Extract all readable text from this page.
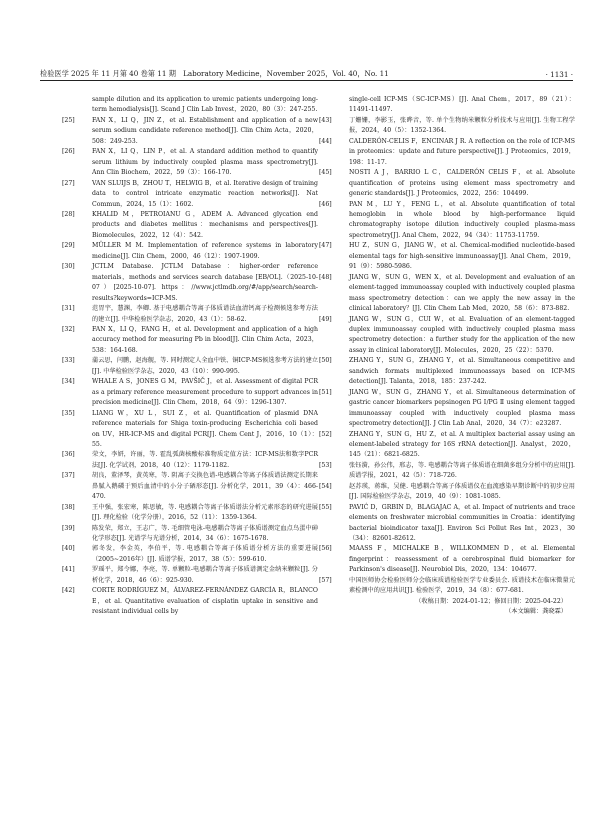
检验医学 2025 年 11 月第 40 卷第 11 期　Laboratory Medicine，November 2025，Vol. 40，No. 11	· 1131 ·
sample dilution and its application to uremic patients undergoing long-term hemodialysis[J]. Scand J Clin Lab Invest，2020，80（3）：247-255.
[25]	FAN X，LI Q，JIN Z，et al. Establishment and application of a new serum sodium candidate reference method[J]. Clin Chim Acta，2020，508：249-253.
[26]	FAN X，LI Q，LIN P，et al. A standard addition method to quantify serum lithium by inductively coupled plasma mass spectrometry[J]. Ann Clin Biochem，2022，59（3）：166-170.
[27]	VAN SLUIJS B，ZHOU T，HELWIG B，et al. Iterative design of training data to control intricate enzymatic reaction networks[J]. Nat Commun，2024，15（1）：1602.
[28]	KHALID M，PETROIANU G，ADEM A. Advanced glycation end products and diabetes mellitus：mechanisms and perspectives[J]. Biomolecules，2022，12（4）：542.
[29]	MÜLLER M M. Implementation of reference systems in laboratory medicine[J]. Clin Chem，2000，46（12）：1907-1909.
[30]	JCTLM Database. JCTLM Database：higher-order reference materials，methods and services search database [EB/OL].（2025-10-07）[2025-10-07]. https：//www.jctlmdb.org/#/app/search/search-results?keywords=ICP-MS.
[31]	范胃宇，慧渊，李卿. 基于电感耦合等离子体质谱法血清钙离子检测候选参考方法的建立[J]. 中华检验医学杂志，2020，43（1）：58-62.
[32]	FAN X，LI Q，FANG H，et al. Development and application of a high accuracy method for measuring Pb in blood[J]. Clin Chim Acta，2023，538：164-168.
[33]	蒲云思，闫鹏，赵海舰，等. 同时测定人全血中铁、铜ICP-MS候选参考方法的建立[J]. 中华检验医学杂志，2020，43（10）：990-995.
[34]	WHALE A S，JONES G M，PAVŠIČ J，et al. Assessment of digital PCR as a primary reference measurement procedure to support advances in precision medicine[J]. Clin Chem，2018，64（9）：1296-1307.
[35]	LIANG W，XU L，SUI Z，et al. Quantification of plasmid DNA reference materials for Shiga toxin-producing Escherichia coli based on UV，HR-ICP-MS and digital PCR[J]. Chem Cent J，2016，10（1）：55.
[36]	荣文，李妍，许丽，等. 霍乱弧菌核酸标准物质定值方法：ICP-MS法和数字PCR法[J]. 化学试剂，2018，40（12）：1179-1182.
[37]	胡良，董泽琴，黄英寒，等. 阴离子交换色谱-电感耦合等离子体质谱法测定长期来鼻腻入鹅磷于预后血清中的小分子硒形态[J]. 分析化学，2011，39（4）：466-470.
[38]	王中强，张宏寒，陈思敏，等. 电感耦合等离子体质谱法分析元素形态的研究进展[J]. 理化检验（化学分册），2016，52（11）：1359-1364.
[39]	陈发荣，郑立，王志广，等. 毛细管电泳-电感耦合等离子体质谱测定血点鸟蛋中砷化学形态[J]. 光谱学与光谱分析，2014，34（6）：1675-1678.
[40]	郭冬发，李金英，李伯平，等. 电感耦合等离子体质谱分析方法的重要进展（2005~2016年）[J]. 质谱学报，2017，38（5）：599-610.
[41]	罗瑶平，郑令娜，李亮，等. 单颗粒-电感耦合等离子体质谱测定金纳米颗粒[J]. 分析化学，2018，46（6）：925-930.
[42]	CORTE RODRÍGUEZ M，ÁLVAREZ-FERNÁNDEZ GARCÍA R，BLANCO E，et al. Quantitative evaluation of cisplatin uptake in sensitive and resistant individual cells by
single-cell ICP-MS（SC-ICP-MS）[J]. Anal Chem，2017，89（21）：11491-11497.
[43]	丁姗姗，李影玉，张晔音，等. 单个生物纳米颗粒分析技术与应用[J]. 生物工程学报，2024，40（5）：1352-1364.
[44]	CALDERÓN-CELIS F，ENCINAR J R. A reflection on the role of ICP-MS in proteomics：update and future perspective[J]. J Proteomics，2019，198：11-17.
[45]	NOSTI A J，BARRIO L C，CALDERÓN CELIS F，et al. Absolute quantification of proteins using element mass spectrometry and generic standards[J]. J Proteomics，2022，256：104499.
[46]	PAN M，LU Y，FENG L，et al. Absolute quantification of total hemoglobin in whole blood by high-performance liquid chromatography isotope dilution inductively coupled plasma-mass spectrometry[J]. Anal Chem，2022，94（34）：11753-11759.
[47]	HU Z，SUN G，JIANG W，et al. Chemical-modified nucleotide-based elemental tags for high-sensitive immunoassay[J]. Anal Chem，2019，91（9）：5980-5986.
[48]	JIANG W，SUN G，WEN X，et al. Development and evaluation of an element-tagged immunoassay coupled with inductively coupled plasma mass spectrometry detection：can we apply the new assay in the clinical laboratory？[J]. Clin Chem Lab Med，2020，58（6）：873-882.
[49]	JIANG W，SUN G，CUI W，et al. Evaluation of an element-tagged duplex immunoassay coupled with inductively coupled plasma mass spectrometry detection：a further study for the application of the new assay in clinical laboratory[J]. Molecules，2020，25（22）：5370.
[50]	ZHANG Y，SUN G，ZHANG Y，et al. Simultaneous competitive and sandwich formats multiplexed immunoassays based on ICP-MS detection[J]. Talanta，2018，185：237-242.
[51]	JIANG W，SUN G，ZHANG Y，et al. Simultaneous determination of gastric cancer biomarkers pepsinogen PG Ⅰ/PG Ⅱ using element tagged immunoassay coupled with inductively coupled plasma mass spectrometry detection[J]. J Clin Lab Anal，2020，34（7）：e23287.
[52]	ZHANG Y，SUN G，HU Z，et al. A multiplex bacterial assay using an element-labeled strategy for 16S rRNA detection[J]. Analyst，2020，145（21）：6821-6825.
[53]	张钰漪，孙公伟，邢志，等. 电感耦合等离子体质谱在细菌多组分分析中的应用[J]. 质谱学报，2021，42（5）：718-726.
[54]	赵苏瑛，蒋维，吴健. 电感耦合等离子体质谱仪在血流感染早期诊断中的初步应用[J]. 国际检验医学杂志，2019，40（9）：1081-1085.
[55]	PAVIĆ D，GRBIN D，BLAGAJAC A，et al. Impact of nutrients and trace elements on freshwater microbial communities in Croatia：identifying bacterial bioindicator taxa[J]. Environ Sci Pollut Res Int，2023，30（34）：82601-82612.
[56]	MAASS F，MICHALKE B，WILLKOMMEN D，et al. Elemental fingerprint：reassessment of a cerebrospinal fluid biomarker for Parkinson's disease[J]. Neurobiol Dis，2020，134：104677.
[57]	中国医师协会检验医师分会临床质谱检验医学专业委员会. 质谱技术在临床微量元素检测中的应用共识[J]. 检验医学，2019，34（8）：677-681.
（收稿日期：2024-01-12；修回日期：2025-04-22）
（本文编辑：龚晓霖）
